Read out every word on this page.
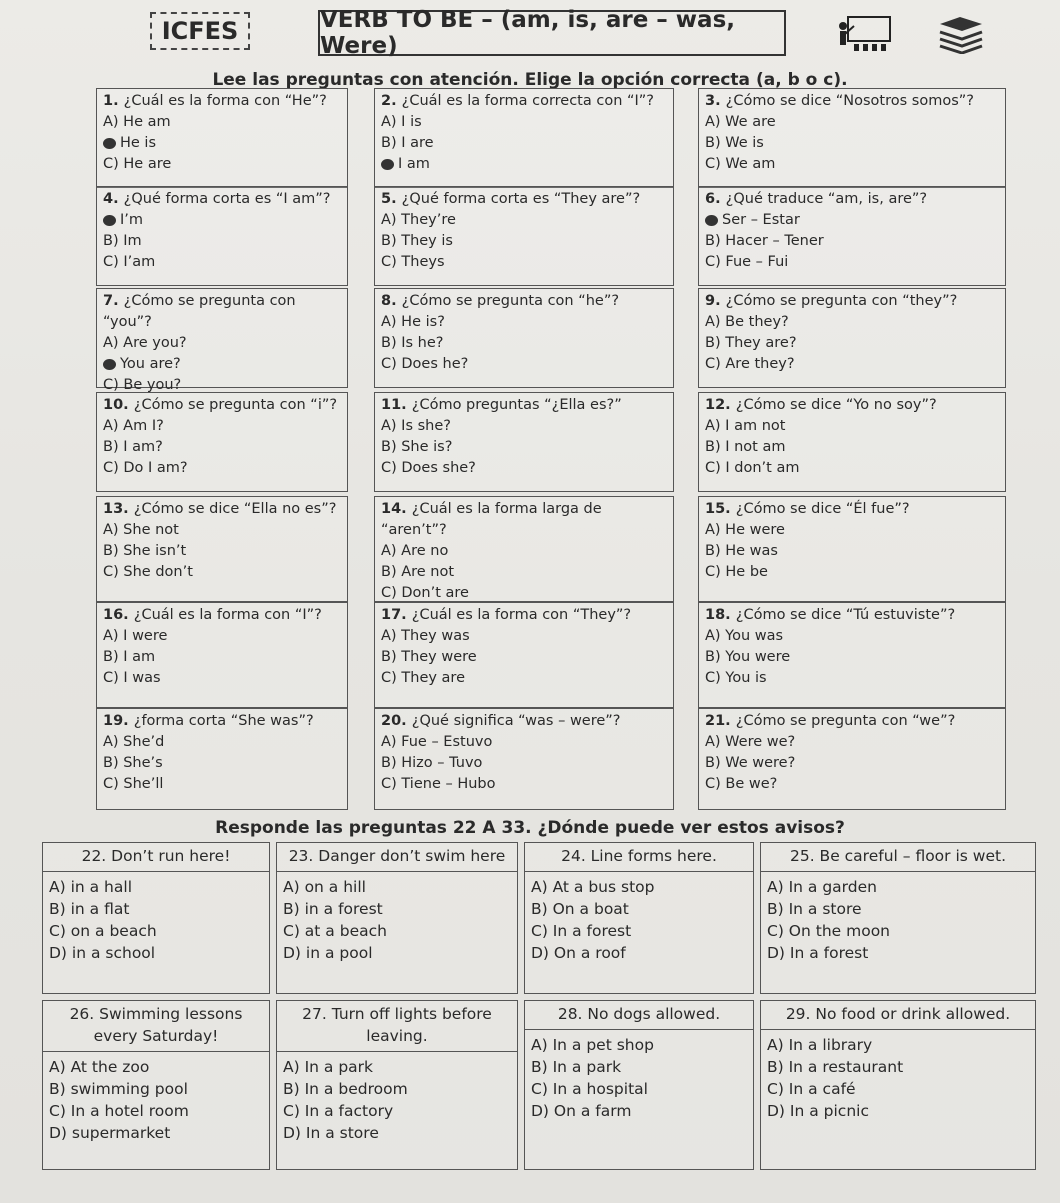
ICFES	VERB TO BE – (am, is, are – was, Were)
Lee las preguntas con atención. Elige la opción correcta (a, b o c).
1. ¿Cuál es la forma con “He”?
A) He am
He is
C) He are
2. ¿Cuál es la forma correcta con “I”?
A) I is
B) I are
I am
3. ¿Cómo se dice “Nosotros somos”?
A) We are
B) We is
C) We am
4. ¿Qué forma corta es “I am”?
I’m
B) Im
C) I’am
5. ¿Qué forma corta es “They are”?
A) They’re
B) They is
C) Theys
6. ¿Qué traduce “am, is, are”?
Ser – Estar
B) Hacer – Tener
C) Fue – Fui
7. ¿Cómo se pregunta con “you”?
A) Are you?
You are?
C) Be you?
8. ¿Cómo se pregunta con “he”?
A) He is?
B) Is he?
C) Does he?
9. ¿Cómo se pregunta con “they”?
A) Be they?
B) They are?
C) Are they?
10. ¿Cómo se pregunta con “i”?
A) Am I?
B) I am?
C) Do I am?
11. ¿Cómo preguntas “¿Ella es?”
A) Is she?
B) She is?
C) Does she?
12. ¿Cómo se dice “Yo no soy”?
A) I am not
B) I not am
C) I don’t am
13. ¿Cómo se dice “Ella no es”?
A) She not
B) She isn’t
C) She don’t
14. ¿Cuál es la forma larga de “aren’t”?
A) Are no
B) Are not
C) Don’t are
15. ¿Cómo se dice “Él fue”?
A) He were
B) He was
C) He be
16. ¿Cuál es la forma con “I”?
A) I were
B) I am
C) I was
17. ¿Cuál es la forma con “They”?
A) They was
B) They were
C) They are
18. ¿Cómo se dice “Tú estuviste”?
A) You was
B) You were
C) You is
19. ¿forma corta “She was”?
A) She’d
B) She’s
C) She’ll
20. ¿Qué significa “was – were”?
A) Fue – Estuvo
B) Hizo – Tuvo
C) Tiene – Hubo
21. ¿Cómo se pregunta con “we”?
A) Were we?
B) We were?
C) Be we?
Responde las preguntas 22 A 33. ¿Dónde puede ver estos avisos?
22. Don’t run here!
A) in a hall
B) in a flat
C) on a beach
D) in a school
23. Danger don’t swim here
A) on a hill
B) in a forest
C) at a beach
D) in a pool
24. Line forms here.
A) At a bus stop
B) On a boat
C) In a forest
D) On a roof
25. Be careful – floor is wet.
A) In a garden
B) In a store
C) On the moon
D) In a forest
26. Swimming lessons every Saturday!
A) At the zoo
B) swimming pool
C) In a hotel room
D) supermarket
27. Turn off lights before leaving.
A) In a park
B) In a bedroom
C) In a factory
D) In a store
28. No dogs allowed.
A) In a pet shop
B) In a park
C) In a hospital
D) On a farm
29. No food or drink allowed.
A) In a library
B) In a restaurant
C) In a café
D) In a picnic
